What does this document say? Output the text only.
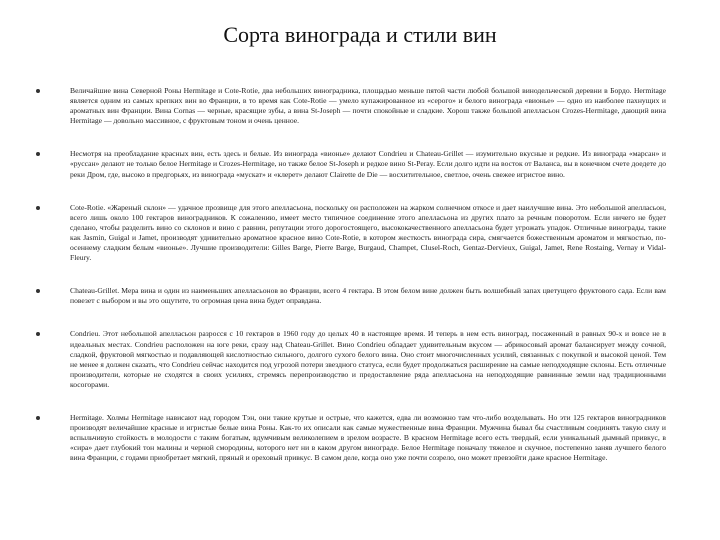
Сорта винограда и стили вин
Величайшие вина Северной Роны Hermitage и Cote-Rotie, два небольших виноградника, площадью меньше пятой части любой большой винодельческой деревни в Бордо. Hermitage является одним из самых крепких вин во Франции, в то время как Cote-Rotie — умело купажированное из «серого» и белого винограда «вионье» — одно из наиболее пахнущих и ароматных вин Франции. Вина Cornas — черные, красящие зубы, а вина St-Joseph — почти спокойные и сладкие. Хорош также большой апелласьон Crozes-Hermitage, дающий вина Hermitage — довольно массивное, с фруктовым тоном и очень ценное.
Несмотря на преобладание красных вин, есть здесь и белые. Из винограда «вионье» делают Condrieu и Chateau-Grillet — изумительно вкусные и редкие. Из винограда «марсан» и «руссан» делают не только белое Hermitage и Crozes-Hermitage, но также белое St-Joseph и редкое вино St-Peray. Если долго идти на восток от Валанса, вы в конечном счете доедете до реки Дром, где, высоко в предгорьях, из винограда «мускат» и «клерет» делают Clairette de Die — восхитительное, светлое, очень свежее игристое вино.
Cote-Rotie. «Жареный склон» — удачное прозвище для этого апелласьона, поскольку он расположен на жарком солнечном откосе и дает наилучшие вина. Это небольшой апелласьон, всего лишь около 100 гектаров виноградников. К сожалению, имеет место типичное соединение этого апелласьона из других плато за речным поворотом. Если ничего не будет сделано, чтобы разделить вино со склонов и вино с равнин, репутации этого дорогостоящего, высококачественного апелласьона будет угрожать упадок. Отличные винограды, такие как Jasmin, Guigal и Jamet, производят удивительно ароматное красное вино Cote-Rotie, в котором жесткость винограда сира, смягчается божественным ароматом и мягкостью, по-осеннему сладким белым «вионье». Лучшие производители: Gilles Barge, Pierre Barge, Burgaud, Champet, Clusel-Roch, Gentaz-Dervieux, Guigal, Jamet, Rene Rostaing, Vernay и Vidal-Fleury.
Chateau-Grillet. Мера вина и один из наименьших апелласьонов во Франции, всего 4 гектара. В этом белом вине должен быть волшебный запах цветущего фруктового сада. Если вам повезет с выбором и вы это ощутите, то огромная цена вина будет оправдана.
Condrieu. Этот небольшой апелласьон разросся с 10 гектаров в 1960 году до целых 40 в настоящее время. И теперь в нем есть виноград, посаженный в равных 90-х и вовсе не в идеальных местах. Condrieu расположен на юге реки, сразу над Chateau-Grillet. Вино Condrieu обладает удивительным вкусом — абрикосовый аромат балансирует между сочной, сладкой, фруктовой мягкостью и подавляющей кислотностью сильного, долгого сухого белого вина. Оно стоит многочисленных усилий, связанных с покупкой и высокой ценой. Тем не менее я должен сказать, что Condrieu сейчас находится под угрозой потери звездного статуса, если будет продолжаться расширение на самые неподходящие склоны. Есть отличные производители, которые не сходятся в своих усилиях, стремясь перепроизводство и предоставление ряда апелласьона на неподходящие равнинные земли над традиционными косогорами.
Hermitage. Холмы Hermitage нависают над городом Тэн, они такие крутые и острые, что кажется, едва ли возможно там что-либо возделывать. Но эти 125 гектаров виноградников производят величайшие красные и игристые белые вина Роны. Как-то их описали как самые мужественные вина Франции. Мужчина бывал бы счастливым соединять такую силу и вспыльчивую стойкость в молодости с таким богатым, вдумчивым великолепием в зрелом возрасте. В красном Hermitage всего есть твердый, если уникальный дымный привкус, в «сира» дает глубокий тон малины и черной смородины, которого нет ни в каком другом винограде. Белое Hermitage поначалу тяжелое и скучное, постепенно заняв лучшего белого вина Франции, с годами приобретает мягкий, пряный и ореховый привкус. В самом деле, когда оно уже почти созрело, оно может превзойти даже красное Hermitage.
